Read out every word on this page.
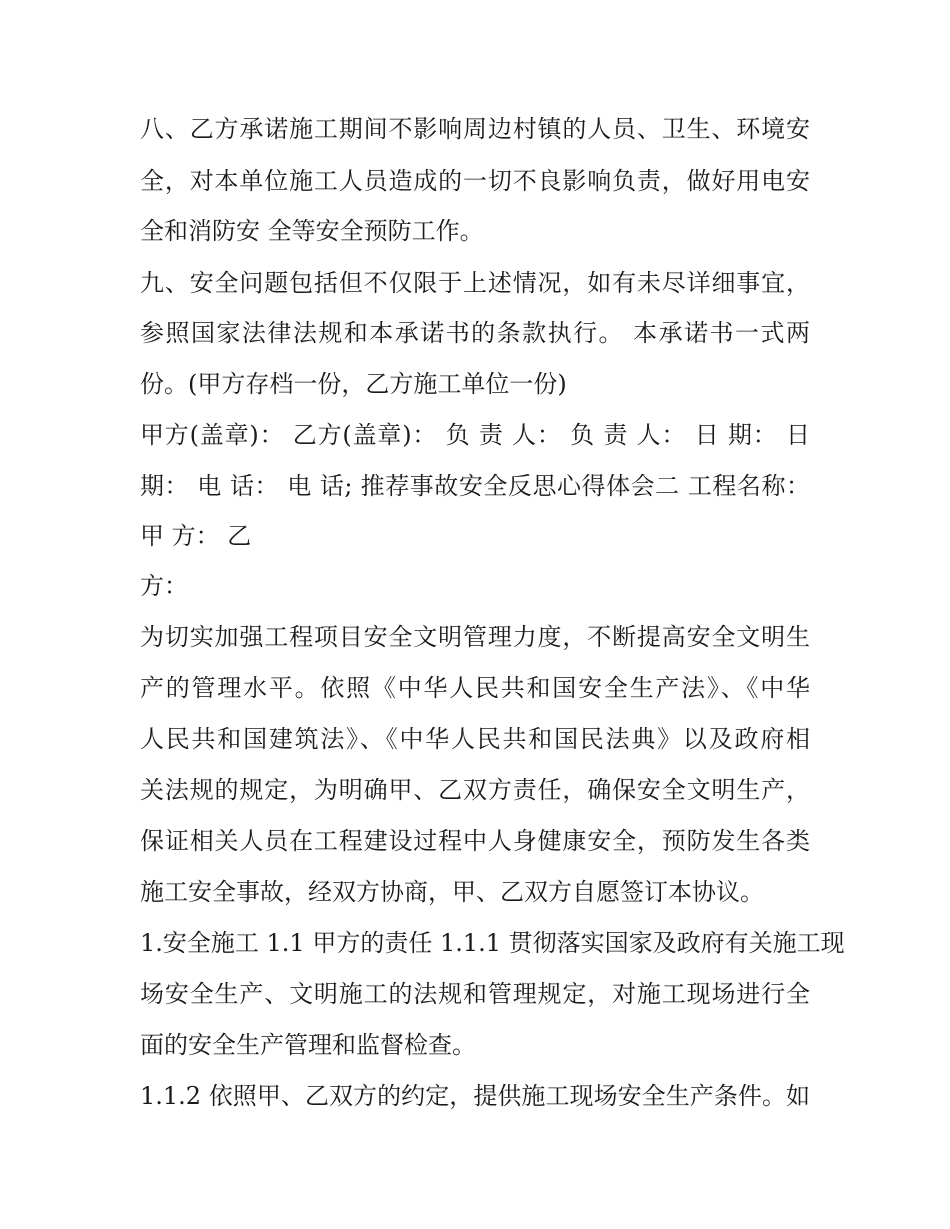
八、乙方承诺施工期间不影响周边村镇的人员、卫生、环境安

全，对本单位施工人员造成的一切不良影响负责，做好用电安

全和消防安 全等安全预防工作。

九、安全问题包括但不仅限于上述情况，如有未尽详细事宜，

参照国家法律法规和本承诺书的条款执行。 本承诺书一式两

份。(甲方存档一份，乙方施工单位一份)

甲方(盖章)： 乙方(盖章)： 负 责 人： 负 责 人： 日 期： 日

期： 电 话： 电 话; 推荐事故安全反思心得体会二 工程名称：

甲 方： 乙

方：

为切实加强工程项目安全文明管理力度，不断提高安全文明生

产的管理水平。依照《中华人民共和国安全生产法》、《中华

人民共和国建筑法》、《中华人民共和国民法典》以及政府相

关法规的规定，为明确甲、乙双方责任，确保安全文明生产，

保证相关人员在工程建设过程中人身健康安全，预防发生各类

施工安全事故，经双方协商，甲、乙双方自愿签订本协议。

1.安全施工 1.1 甲方的责任 1.1.1 贯彻落实国家及政府有关施工现

场安全生产、文明施工的法规和管理规定，对施工现场进行全

面的安全生产管理和监督检查。

1.1.2 依照甲、乙双方的约定，提供施工现场安全生产条件。如
